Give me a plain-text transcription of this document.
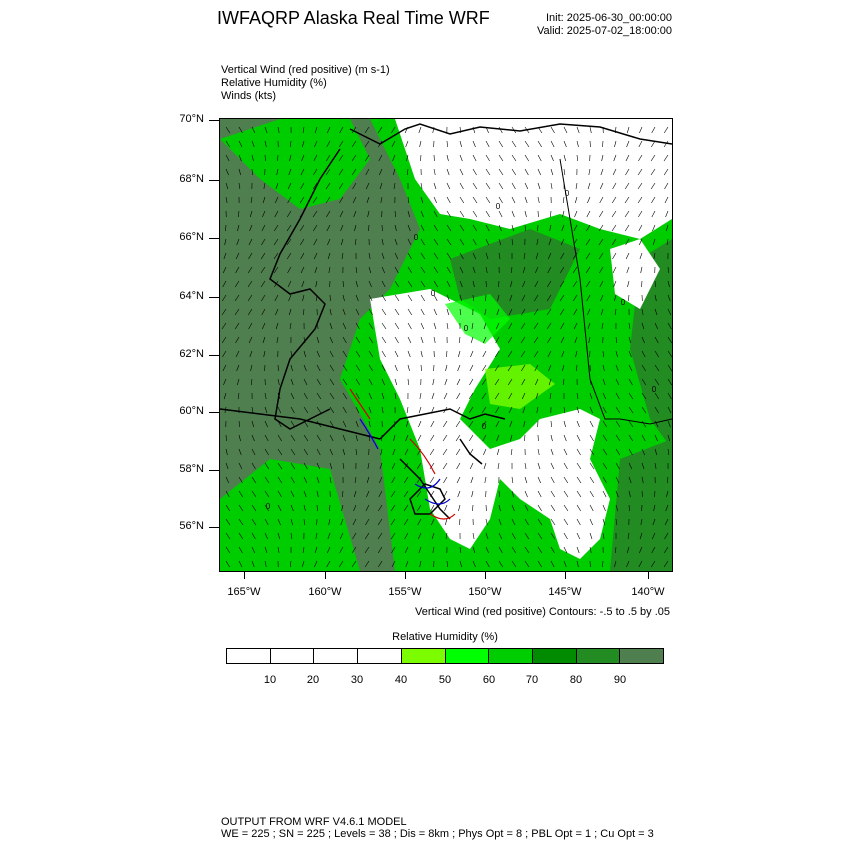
IWFAQRP Alaska Real Time WRF	Init: 2025-06-30_00:00:00
Valid: 2025-07-02_18:00:00
Vertical Wind (red positive) (m s-1)
Relative Humidity (%)
Winds (kts)
0
0
0
0
0
0
0
0
0
70°N
68°N
66°N
64°N
62°N
60°N
58°N
56°N
165°W	160°W	155°W	150°W	145°W	140°W
Vertical Wind (red positive) Contours: -.5 to .5 by .05
Relative Humidity (%)
10	20	30	40	50	60	70	80	90
OUTPUT FROM WRF V4.6.1 MODEL
WE = 225 ; SN = 225 ; Levels = 38 ; Dis = 8km ; Phys Opt = 8 ; PBL Opt = 1 ; Cu Opt = 3
